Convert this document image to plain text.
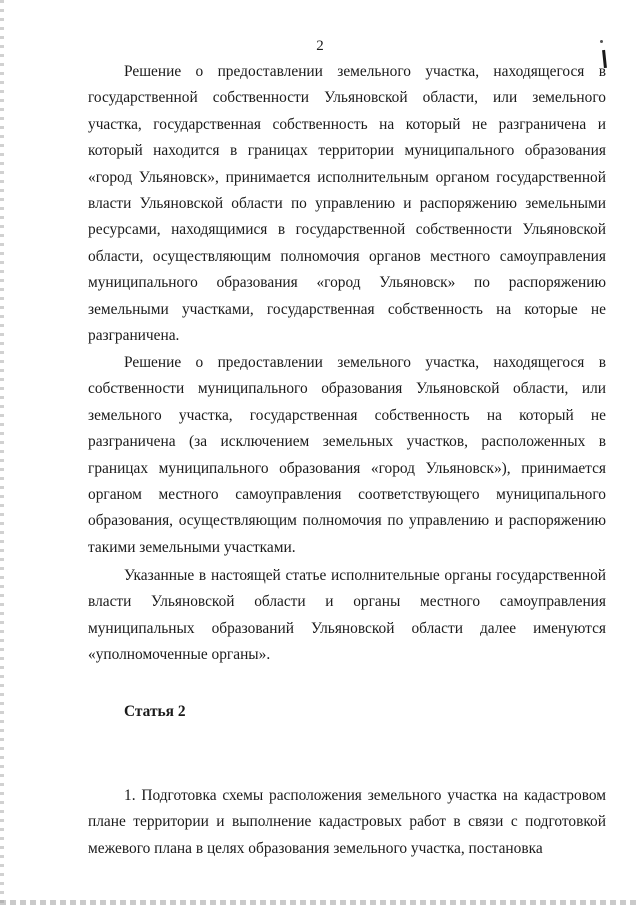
2

Решение о предоставлении земельного участка, находящегося в государственной собственности Ульяновской области, или земельного участка, государственная собственность на который не разграничена и который находится в границах территории муниципального образования «город Ульяновск», принимается исполнительным органом государственной власти Ульяновской области по управлению и распоряжению земельными ресурсами, находящимися в государственной собственности Ульяновской области, осуществляющим полномочия органов местного самоуправления муниципального образования «город Ульяновск» по распоряжению земельными участками, государственная собственность на которые не разграничена.

Решение о предоставлении земельного участка, находящегося в собственности муниципального образования Ульяновской области, или земельного участка, государственная собственность на который не разграничена (за исключением земельных участков, расположенных в границах муниципального образования «город Ульяновск»), принимается органом местного самоуправления соответствующего муниципального образования, осуществляющим полномочия по управлению и распоряжению такими земельными участками.

Указанные в настоящей статье исполнительные органы государственной власти Ульяновской области и органы местного самоуправления муниципальных образований Ульяновской области далее именуются «уполномоченные органы».

Статья 2

1. Подготовка схемы расположения земельного участка на кадастровом плане территории и выполнение кадастровых работ в связи с подготовкой межевого плана в целях образования земельного участка, постановка
